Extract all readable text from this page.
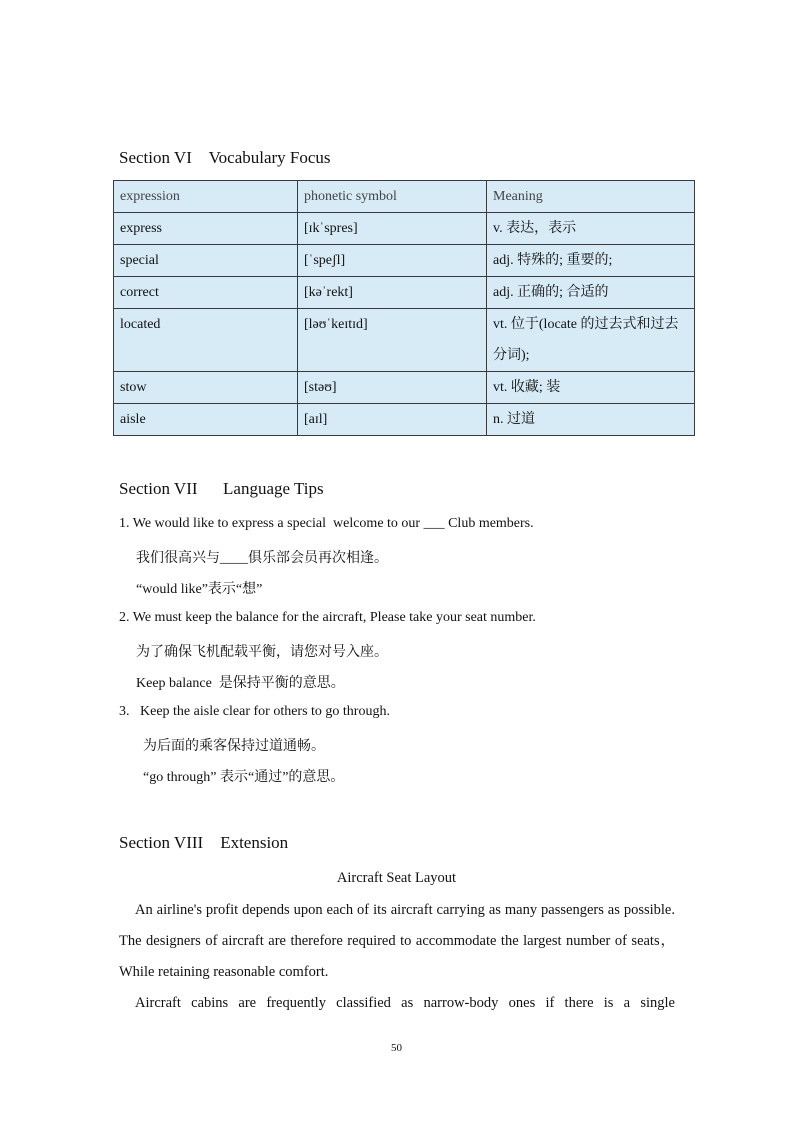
Section VI    Vocabulary Focus
expression	phonetic symbol	Meaning
express	[ɪkˈspres]	v. 表达，表示
special	[ˈspeʃl]	adj. 特殊的; 重要的;
correct	[kəˈrekt]	adj. 正确的; 合适的
located	[ləʊˈkeɪtɪd]	vt. 位于(locate 的过去式和过去分词);
stow	[stəʊ]	vt. 收藏; 装
aisle	[aɪl]	n. 过道
Section VII      Language Tips
1. We would like to express a special  welcome to our ___ Club members.
我们很高兴与____俱乐部会员再次相逢。
“would like”表示“想”
2. We must keep the balance for the aircraft, Please take your seat number.
为了确保飞机配载平衡，请您对号入座。
Keep balance  是保持平衡的意思。
3.   Keep the aisle clear for others to go through.
为后面的乘客保持过道通畅。
“go through” 表示“通过”的意思。
Section VIII    Extension
Aircraft Seat Layout

An airline's profit depends upon each of its aircraft carrying as many passengers as possible. The designers of aircraft are therefore required to accommodate the largest number of seats，While retaining reasonable comfort.

Aircraft cabins are frequently classified as narrow-body ones if there is a single

50
